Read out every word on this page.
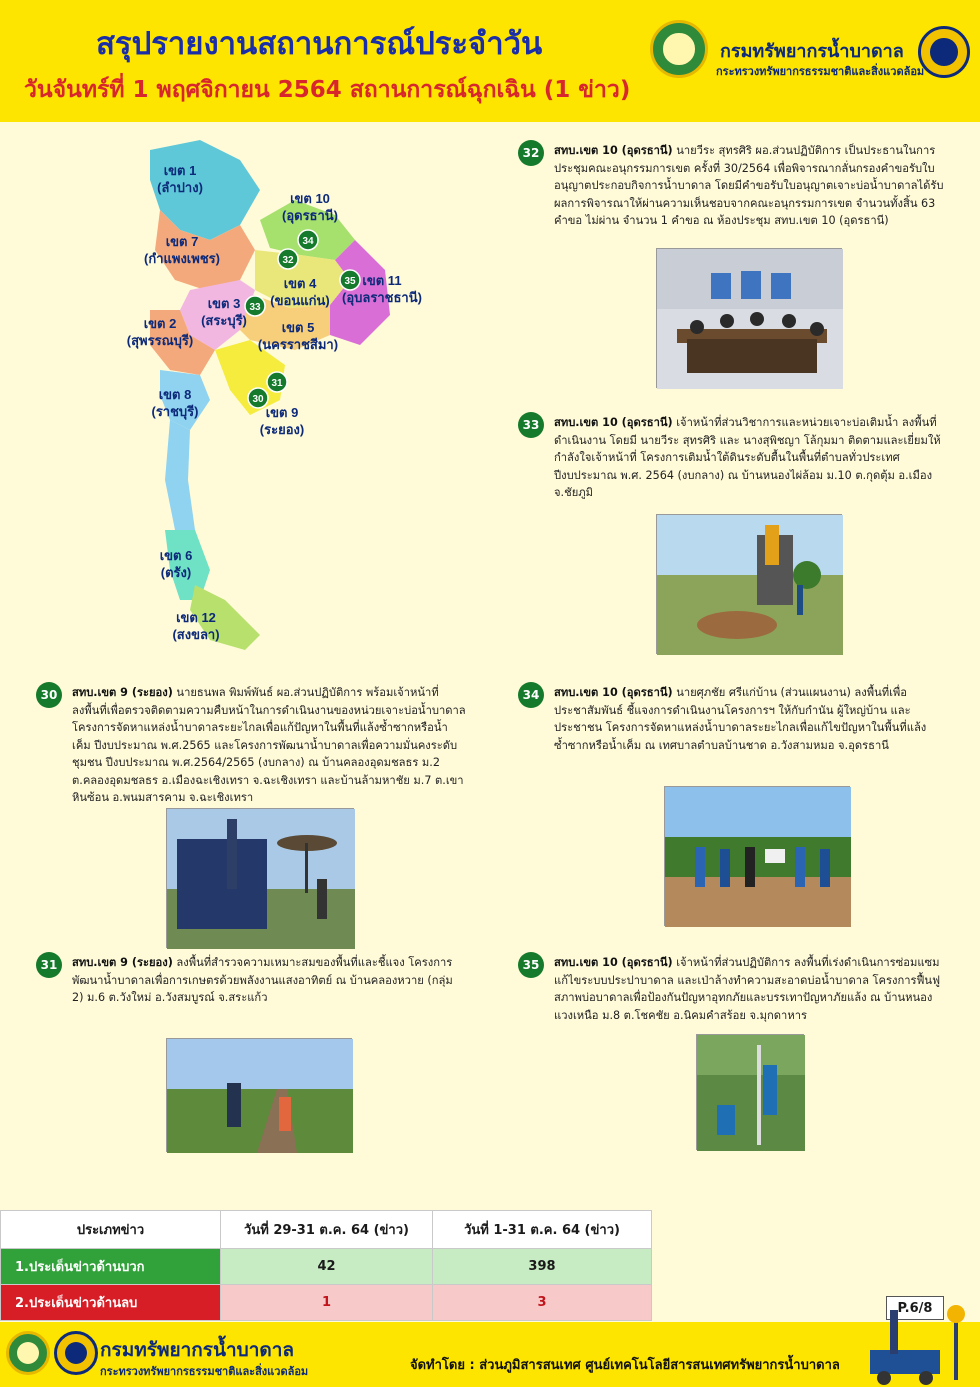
สรุปรายงานสถานการณ์ประจำวัน
วันจันทร์ที่ 1 พฤศจิกายน 2564 สถานการณ์ฉุกเฉิน (1 ข่าว)
กรมทรัพยากรน้ำบาดาล
กระทรวงทรัพยากรธรรมชาติและสิ่งแวดล้อม
เขต 1
(ลำปาง)
เขต 7
(กำแพงเพชร)
เขต 10
(อุดรธานี)
เขต 4
(ขอนแก่น)
เขต 11
(อุบลราชธานี)
เขต 3
(สระบุรี)
เขต 2
(สุพรรณบุรี)
เขต 5
(นครราชสีมา)
เขต 8
(ราชบุรี)	เขต 9
(ระยอง)
เขต 6
(ตรัง)
เขต 12
(สงขลา)
34
32
35
33
31
30
32	สทบ.เขต 10 (อุดรธานี) นายวีระ สุทรศิริ ผอ.ส่วนปฏิบัติการ เป็นประธานในการประชุมคณะอนุกรรมการเขต ครั้งที่ 30/2564 เพื่อพิจารณากลั่นกรองคำขอรับใบอนุญาตประกอบกิจการน้ำบาดาล โดยมีคำขอรับใบอนุญาตเจาะบ่อน้ำบาดาลได้รับผลการพิจารณาให้ผ่านความเห็นชอบจากคณะอนุกรรมการเขต จำนวนทั้งสิ้น 63 คำขอ ไม่ผ่าน จำนวน 1 คำขอ ณ ห้องประชุม สทบ.เขต 10 (อุดรธานี)
33	สทบ.เขต 10 (อุดรธานี) เจ้าหน้าที่ส่วนวิชาการและหน่วยเจาะบ่อเติมน้ำ ลงพื้นที่ดำเนินงาน โดยมี นายวีระ สุทรศิริ และ นางสุพิชญา โล้กุมมา ติดตามและเยี่ยมให้กำลังใจเจ้าหน้าที่ โครงการเติมน้ำใต้ดินระดับตื้นในพื้นที่ตำบลทั่วประเทศ ปีงบประมาณ พ.ศ. 2564 (งบกลาง) ณ บ้านหนองไผ่ล้อม ม.10 ต.กุดตุ้ม อ.เมือง จ.ชัยภูมิ
30	สทบ.เขต 9 (ระยอง) นายธนพล พิมพ์พันธ์ ผอ.ส่วนปฏิบัติการ พร้อมเจ้าหน้าที่ลงพื้นที่เพื่อตรวจติดตามความคืบหน้าในการดำเนินงานของหน่วยเจาะบ่อน้ำบาดาล โครงการจัดหาแหล่งน้ำบาดาลระยะไกลเพื่อแก้ปัญหาในพื้นที่แล้งซ้ำซากหรือน้ำเค็ม ปีงบประมาณ พ.ศ.2565 และโครงการพัฒนาน้ำบาดาลเพื่อความมั่นคงระดับชุมชน ปีงบประมาณ พ.ศ.2564/2565 (งบกลาง) ณ บ้านคลองอุดมชลธร ม.2 ต.คลองอุดมชลธร อ.เมืองฉะเชิงเทรา จ.ฉะเชิงเทรา และบ้านล้ามหาชัย ม.7 ต.เขาหินซ้อน อ.พนมสารคาม จ.ฉะเชิงเทรา
34	สทบ.เขต 10 (อุดรธานี) นายศุภชัย ศรีแก่บ้าน (ส่วนแผนงาน) ลงพื้นที่เพื่อประชาสัมพันธ์ ชี้แจงการดำเนินงานโครงการฯ ให้กับกำนัน ผู้ใหญ่บ้าน และประชาชน โครงการจัดหาแหล่งน้ำบาดาลระยะไกลเพื่อแก้ไขปัญหาในพื้นที่แล้งซ้ำซากหรือน้ำเค็ม ณ เทศบาลตำบลบ้านชาด อ.วังสามหมอ จ.อุดรธานี
31	สทบ.เขต 9 (ระยอง) ลงพื้นที่สำรวจความเหมาะสมของพื้นที่และชี้แจง โครงการพัฒนาน้ำบาดาลเพื่อการเกษตรด้วยพลังงานแสงอาทิตย์ ณ บ้านคลองหวาย (กลุ่ม 2) ม.6 ต.วังใหม่ อ.วังสมบูรณ์ จ.สระแก้ว
35	สทบ.เขต 10 (อุดรธานี) เจ้าหน้าที่ส่วนปฏิบัติการ ลงพื้นที่เร่งดำเนินการซ่อมแซม แก้ไขระบบประปาบาดาล และเป่าล้างทำความสะอาดบ่อน้ำบาดาล โครงการฟื้นฟูสภาพบ่อบาดาลเพื่อป้องกันปัญหาอุทกภัยและบรรเทาปัญหาภัยแล้ง ณ บ้านหนองแวงเหนือ ม.8 ต.โชคชัย อ.นิคมคำสร้อย จ.มุกดาหาร
ประเภทข่าว	วันที่ 29-31 ต.ค. 64 (ข่าว)	วันที่ 1-31 ต.ค. 64 (ข่าว)
1.ประเด็นข่าวด้านบวก	42	398
2.ประเด็นข่าวด้านลบ	1	3	P.6/8
กรมทรัพยากรน้ำบาดาล
กระทรวงทรัพยากรธรรมชาติและสิ่งแวดล้อม	จัดทำโดย : ส่วนภูมิสารสนเทศ ศูนย์เทคโนโลยีสารสนเทศทรัพยากรน้ำบาดาล
